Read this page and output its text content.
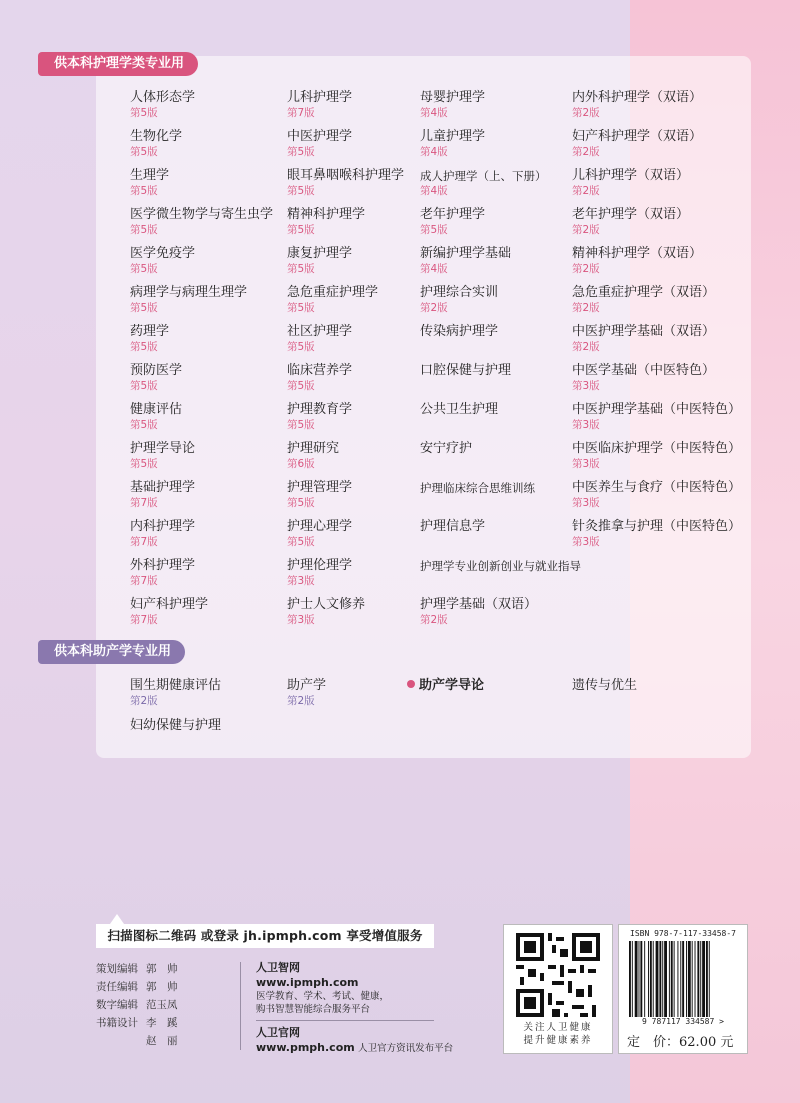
供本科护理学类专业用
人体形态学
第5版
生物化学
第5版
生理学
第5版
医学微生物学与寄生虫学
第5版
医学免疫学
第5版
病理学与病理生理学
第5版
药理学
第5版
预防医学
第5版
健康评估
第5版
护理学导论
第5版
基础护理学
第7版
内科护理学
第7版
外科护理学
第7版
妇产科护理学
第7版
儿科护理学
第7版
中医护理学
第5版
眼耳鼻咽喉科护理学
第5版
精神科护理学
第5版
康复护理学
第5版
急危重症护理学
第5版
社区护理学
第5版
临床营养学
第5版
护理教育学
第5版
护理研究
第6版
护理管理学
第5版
护理心理学
第5版
护理伦理学
第3版
护士人文修养
第3版
母婴护理学
第4版
儿童护理学
第4版
成人护理学（上、下册）
第4版
老年护理学
第5版
新编护理学基础
第4版
护理综合实训
第2版
传染病护理学
口腔保健与护理
公共卫生护理
安宁疗护
护理临床综合思维训练
护理信息学
护理学专业创新创业与就业指导
护理学基础（双语）
第2版
内外科护理学（双语）
第2版
妇产科护理学（双语）
第2版
儿科护理学（双语）
第2版
老年护理学（双语）
第2版
精神科护理学（双语）
第2版
急危重症护理学（双语）
第2版
中医护理学基础（双语）
第2版
中医学基础（中医特色）
第3版
中医护理学基础（中医特色）
第3版
中医临床护理学（中医特色）
第3版
中医养生与食疗（中医特色）
第3版
针灸推拿与护理（中医特色）
第3版
供本科助产学专业用
围生期健康评估
第2版
助产学
第2版
助产学导论	遗传与优生
妇幼保健与护理
扫描图标二维码 或登录 jh.ipmph.com 享受增值服务
策划编辑 郭　帅
责任编辑 郭　帅
数字编辑 范玉凤
书籍设计 李　蹊
赵　丽
人卫智网
www.ipmph.com
医学教育、学术、考试、健康，
购书智慧智能综合服务平台
人卫官网
www.pmph.com 人卫官方资讯发布平台
关注人卫健康
提升健康素养
ISBN 978-7-117-33458-7
9 787117 334587 >
定　价：62.00 元
